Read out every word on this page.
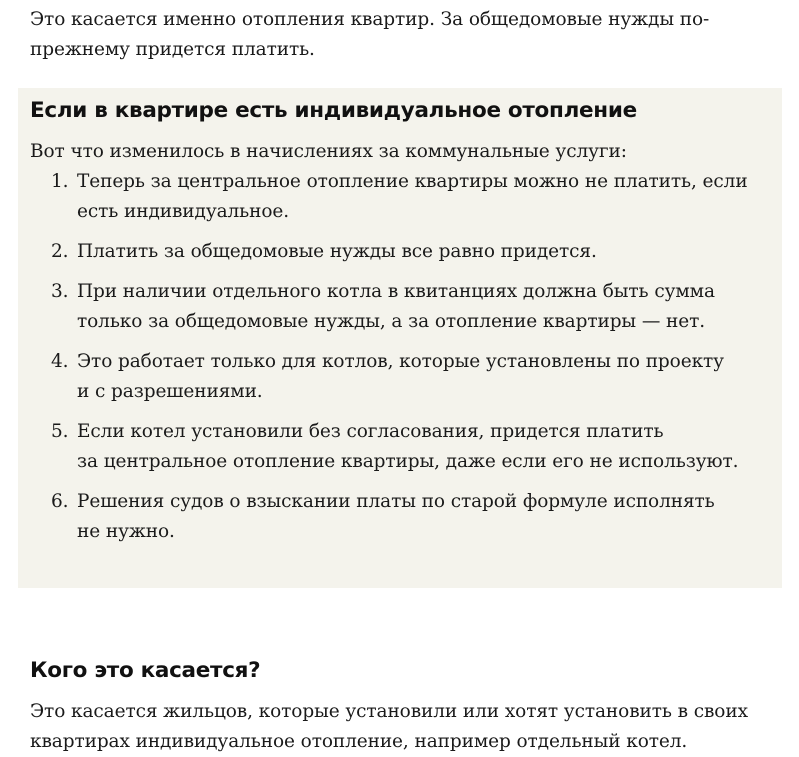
Это касается именно отопления квартир. За общедомовые нужды по-
прежнему придется платить.

Если в квартире есть индивидуальное отопление

Вот что изменилось в начислениях за коммунальные услуги:

1. Теперь за центральное отопление квартиры можно не платить, если
есть индивидуальное.
2. Платить за общедомовые нужды все равно придется.
3. При наличии отдельного котла в квитанциях должна быть сумма
только за общедомовые нужды, а за отопление квартиры — нет.
4. Это работает только для котлов, которые установлены по проекту
и с разрешениями.
5. Если котел установили без согласования, придется платить
за центральное отопление квартиры, даже если его не используют.
6. Решения судов о взыскании платы по старой формуле исполнять
не нужно.
Кого это касается?

Это касается жильцов, которые установили или хотят установить в своих
квартирах индивидуальное отопление, например отдельный котел.
